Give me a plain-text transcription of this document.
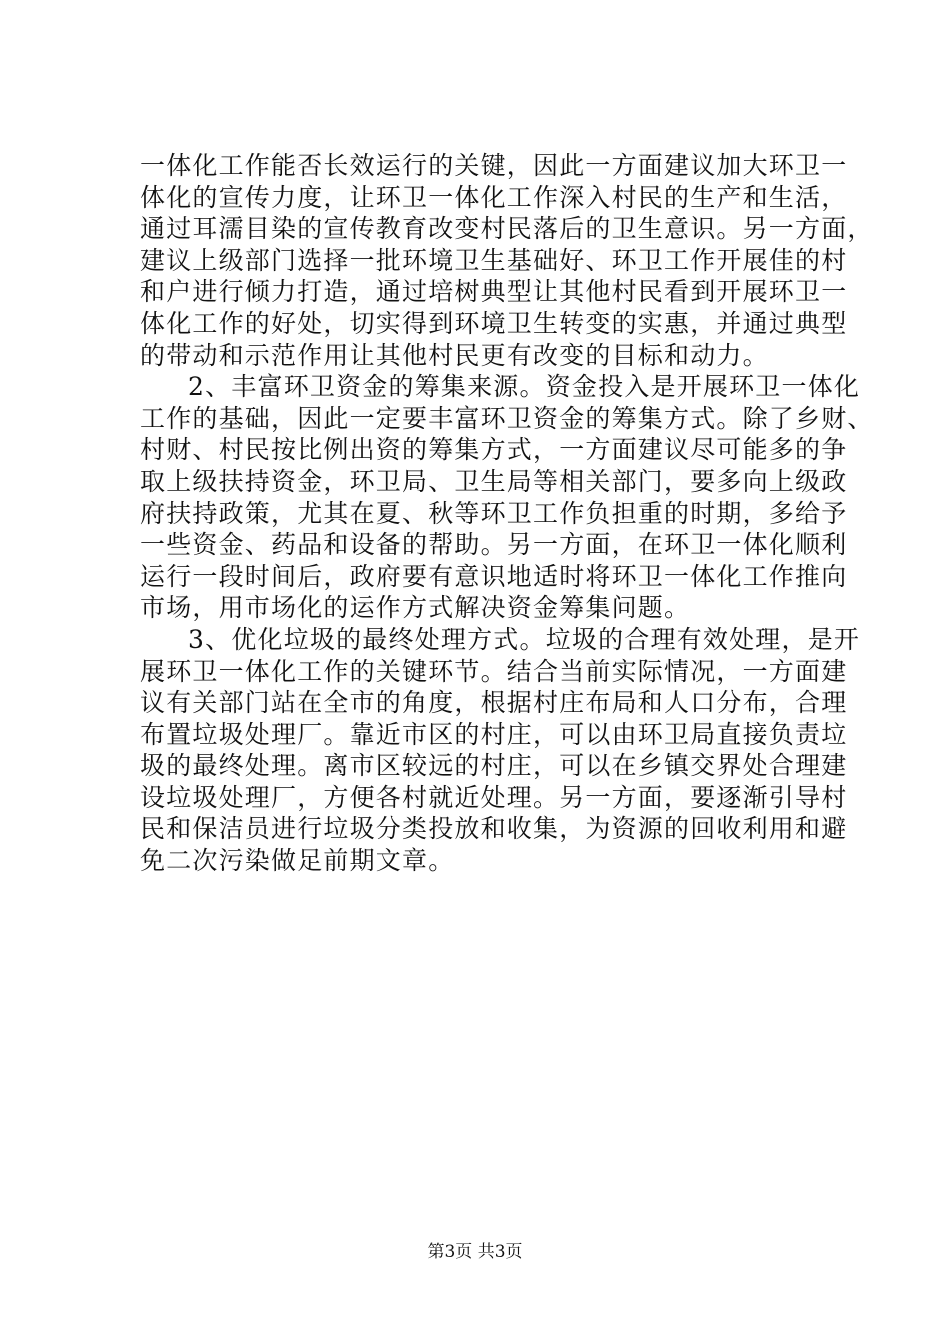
一体化工作能否长效运行的关键，因此一方面建议加大环卫一
体化的宣传力度，让环卫一体化工作深入村民的生产和生活，
通过耳濡目染的宣传教育改变村民落后的卫生意识。另一方面，
建议上级部门选择一批环境卫生基础好、环卫工作开展佳的村
和户进行倾力打造，通过培树典型让其他村民看到开展环卫一
体化工作的好处，切实得到环境卫生转变的实惠，并通过典型
的带动和示范作用让其他村民更有改变的目标和动力。
2、丰富环卫资金的筹集来源。资金投入是开展环卫一体化
工作的基础，因此一定要丰富环卫资金的筹集方式。除了乡财、
村财、村民按比例出资的筹集方式，一方面建议尽可能多的争
取上级扶持资金，环卫局、卫生局等相关部门，要多向上级政
府扶持政策，尤其在夏、秋等环卫工作负担重的时期，多给予
一些资金、药品和设备的帮助。另一方面，在环卫一体化顺利
运行一段时间后，政府要有意识地适时将环卫一体化工作推向
市场，用市场化的运作方式解决资金筹集问题。
3、优化垃圾的最终处理方式。垃圾的合理有效处理，是开
展环卫一体化工作的关键环节。结合当前实际情况，一方面建
议有关部门站在全市的角度，根据村庄布局和人口分布，合理
布置垃圾处理厂。靠近市区的村庄，可以由环卫局直接负责垃
圾的最终处理。离市区较远的村庄，可以在乡镇交界处合理建
设垃圾处理厂，方便各村就近处理。另一方面，要逐渐引导村
民和保洁员进行垃圾分类投放和收集，为资源的回收利用和避
免二次污染做足前期文章。
第3页 共3页
